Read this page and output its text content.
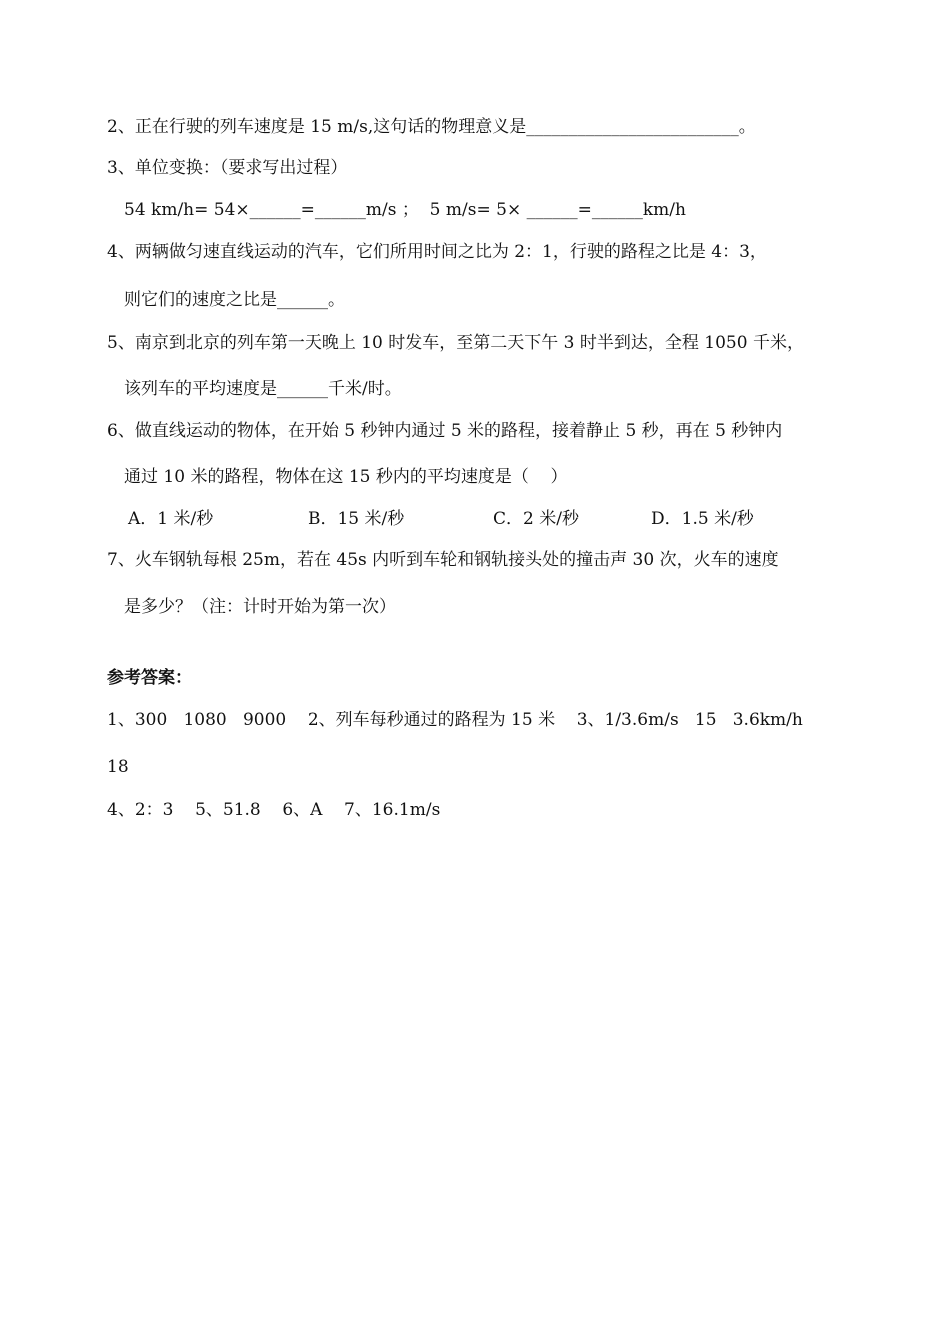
2、正在行驶的列车速度是 15 m/s,这句话的物理意义是_________________________。
3、单位变换：（要求写出过程）
54 km/h= 54×______=______m/s ；  5 m/s= 5× ______=______km/h
4、两辆做匀速直线运动的汽车，它们所用时间之比为 2：1，行驶的路程之比是 4：3，
则它们的速度之比是______。
5、南京到北京的列车第一天晚上 10 时发车，至第二天下午 3 时半到达，全程 1050 千米，
该列车的平均速度是______千米/时。
6、做直线运动的物体，在开始 5 秒钟内通过 5 米的路程，接着静止 5 秒，再在 5 秒钟内
通过 10 米的路程，物体在这 15 秒内的平均速度是（    ）
A．1 米/秒	B．15 米/秒	C．2 米/秒	D．1.5 米/秒
7、火车钢轨每根 25m，若在 45s 内听到车轮和钢轨接头处的撞击声 30 次，火车的速度
是多少？（注：计时开始为第一次）
参考答案：
1、300   1080   9000    2、列车每秒通过的路程为 15 米    3、1/3.6m/s   15   3.6km/h
18
4、2：3    5、51.8    6、A    7、16.1m/s
